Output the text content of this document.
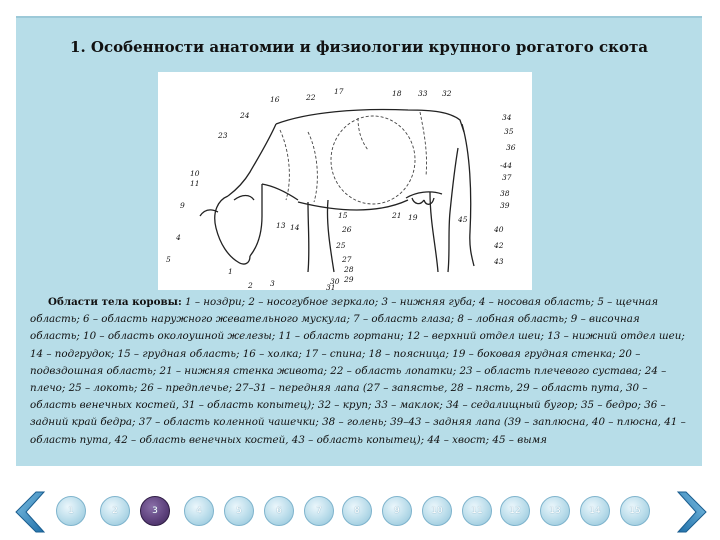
1. Особенности анатомии и физиологии крупного рогатого скота
16	22
17	18 33 32
24
23
10
11
9
4
5
1
2 3
13 14
15
26
25
27
28
29
30
31
21 19
34
35
36
-44
37
38
39
45
40
42
43
Области тела коровы: 1 – ноздри; 2 – носогубное зеркало; 3 – нижняя губа; 4 – носовая область; 5 – щечная область; 6 – область наружного жевательного мускула; 7 – область глаза; 8 – лобная область; 9 – височная область; 10 – область околоушной железы; 11 – область гортани; 12 – верхний отдел шеи; 13 – нижний отдел шеи; 14 – подгрудок; 15 – грудная область; 16 – холка; 17 – спина; 18 – поясница; 19 – боковая грудная стенка; 20 – подвздошная область; 21 – нижняя стенка живота; 22 – область лопатки; 23 – область плечевого сустава; 24 – плечо; 25 – локоть; 26 – предплечье; 27–31 – передняя лапа (27 – запястье, 28 – пясть, 29 – область пута, 30 – область венечных костей, 31 – область копытец); 32 – круп; 33 – маклок; 34 – седалищный бугор; 35 – бедро; 36 – задний край бедра; 37 – область коленной чашечки; 38 – голень; 39–43 – задняя лапа (39 – заплюсна, 40 – плюсна, 41 – область пута, 42 – область венечных костей, 43 – область копытец); 44 – хвост; 45 – вымя
1	2	3	4	5	6	7	8	9	10	11	12	13	14	15
